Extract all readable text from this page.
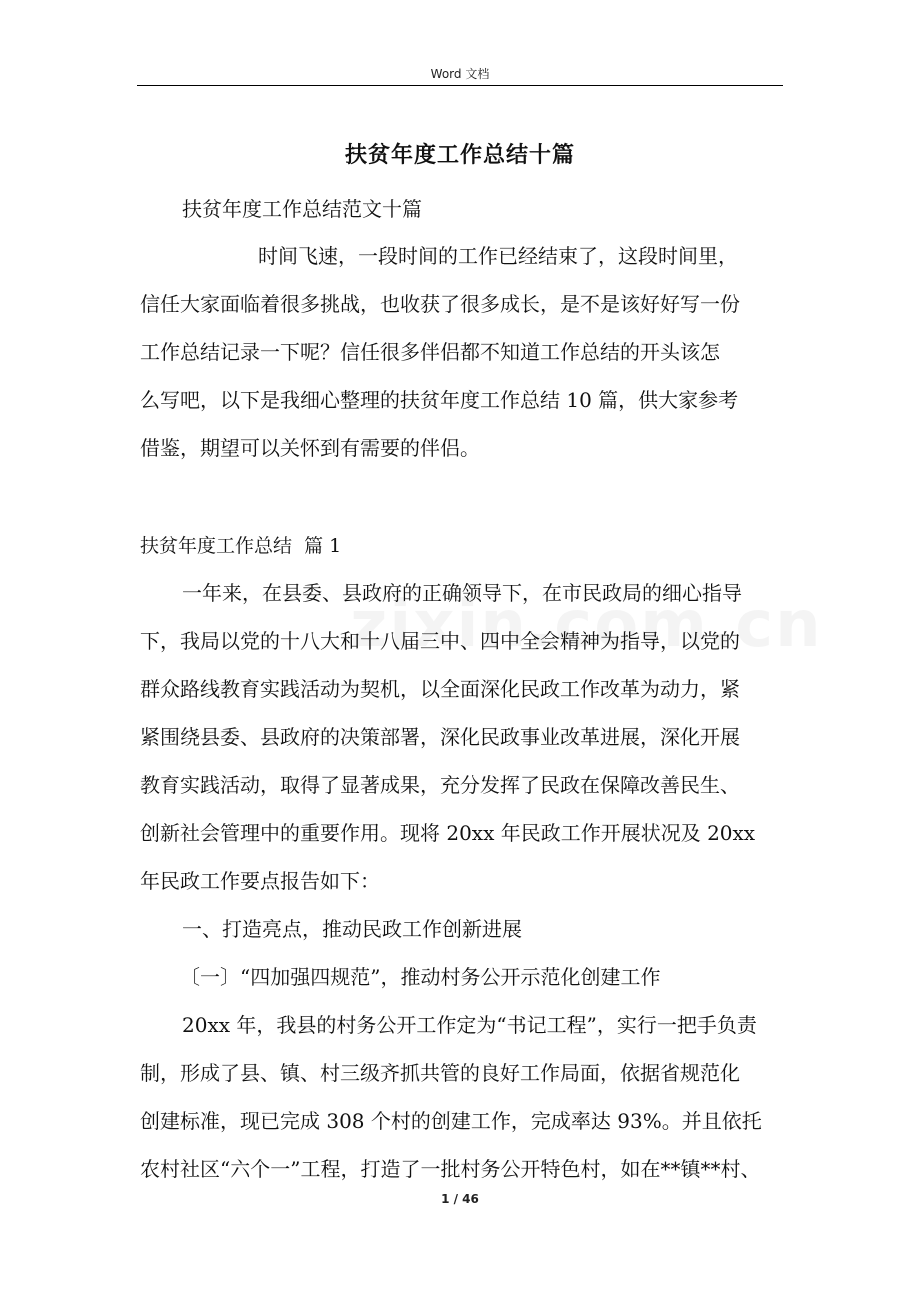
Word 文档
扶贫年度工作总结十篇
扶贫年度工作总结范文十篇
时间飞速，一段时间的工作已经结束了，这段时间里，
信任大家面临着很多挑战，也收获了很多成长，是不是该好好写一份
工作总结记录一下呢？信任很多伴侣都不知道工作总结的开头该怎
么写吧，以下是我细心整理的扶贫年度工作总结 10 篇，供大家参考
借鉴，期望可以关怀到有需要的伴侣。
扶贫年度工作总结  篇 1
一年来，在县委、县政府的正确领导下，在市民政局的细心指导
下，我局以党的十八大和十八届三中、四中全会精神为指导，以党的
群众路线教育实践活动为契机，以全面深化民政工作改革为动力，紧
紧围绕县委、县政府的决策部署，深化民政事业改革进展，深化开展
教育实践活动，取得了显著成果，充分发挥了民政在保障改善民生、
创新社会管理中的重要作用。现将 20xx 年民政工作开展状况及 20xx
年民政工作要点报告如下：
一、打造亮点，推动民政工作创新进展
〔一〕“四加强四规范”，推动村务公开示范化创建工作
20xx 年，我县的村务公开工作定为“书记工程”，实行一把手负责
制，形成了县、镇、村三级齐抓共管的良好工作局面，依据省规范化
创建标准，现已完成 308 个村的创建工作，完成率达 93%。并且依托
农村社区“六个一”工程，打造了一批村务公开特色村，如在**镇**村、
1 / 46
